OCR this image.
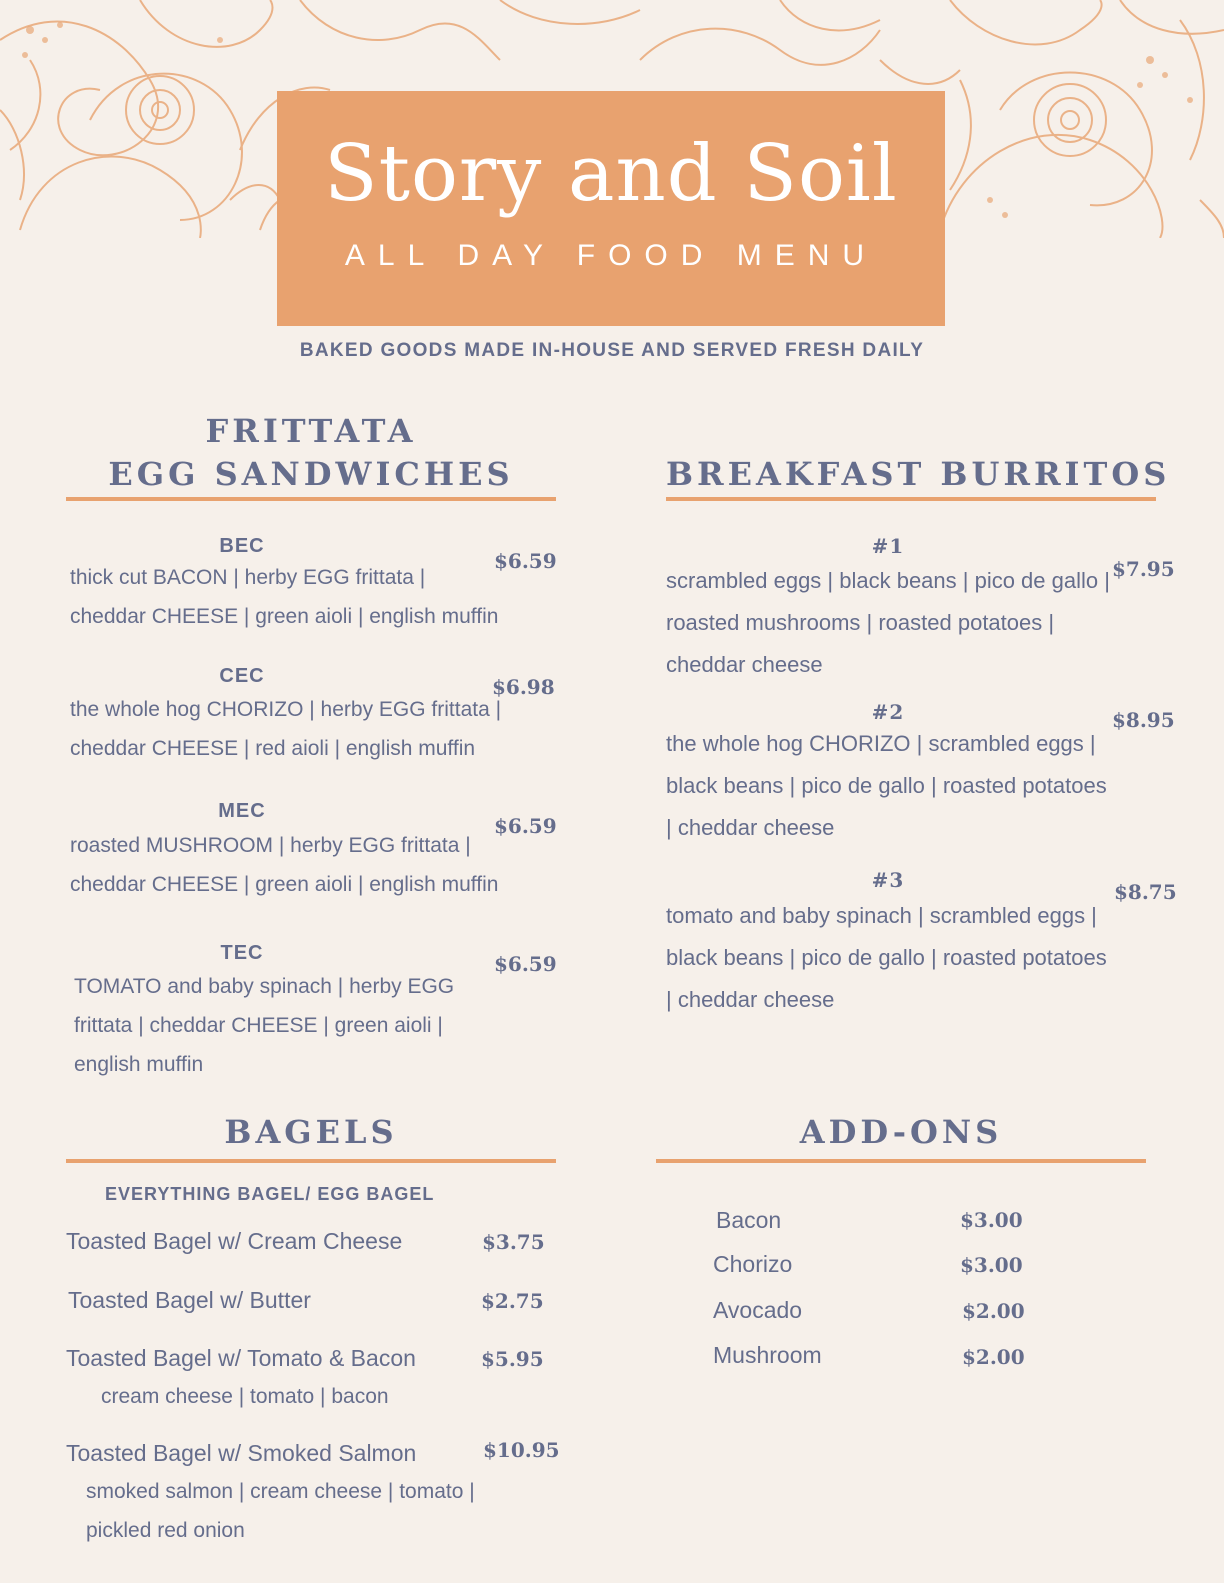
Story and Soil
ALL DAY FOOD MENU
BAKED GOODS MADE IN-HOUSE AND SERVED FRESH DAILY
FRITTATA
EGG SANDWICHES
BEC
$6.59
thick cut BACON | herby EGG frittata |
cheddar CHEESE | green aioli | english muffin
CEC	$6.98
the whole hog CHORIZO | herby EGG frittata |
cheddar CHEESE | red aioli | english muffin
MEC
$6.59
roasted MUSHROOM | herby EGG frittata |
cheddar CHEESE | green aioli | english muffin
TEC	$6.59
TOMATO and baby spinach | herby EGG
frittata | cheddar CHEESE | green aioli |
english muffin
BREAKFAST BURRITOS
#1
$7.95
scrambled eggs | black beans | pico de gallo |
roasted mushrooms | roasted potatoes |
cheddar cheese
#2	$8.95
the whole hog CHORIZO | scrambled eggs |
black beans | pico de gallo | roasted potatoes
| cheddar cheese
#3	$8.75
tomato and baby spinach | scrambled eggs |
black beans | pico de gallo | roasted potatoes
| cheddar cheese
BAGELS
EVERYTHING BAGEL/ EGG BAGEL
Toasted Bagel w/ Cream Cheese	$3.75
Toasted Bagel w/ Butter	$2.75
Toasted Bagel w/ Tomato & Bacon	$5.95
cream cheese | tomato | bacon
Toasted Bagel w/ Smoked Salmon	$10.95
smoked salmon | cream cheese | tomato |
pickled red onion
ADD-ONS
Bacon	$3.00
Chorizo	$3.00
Avocado	$2.00
Mushroom	$2.00
